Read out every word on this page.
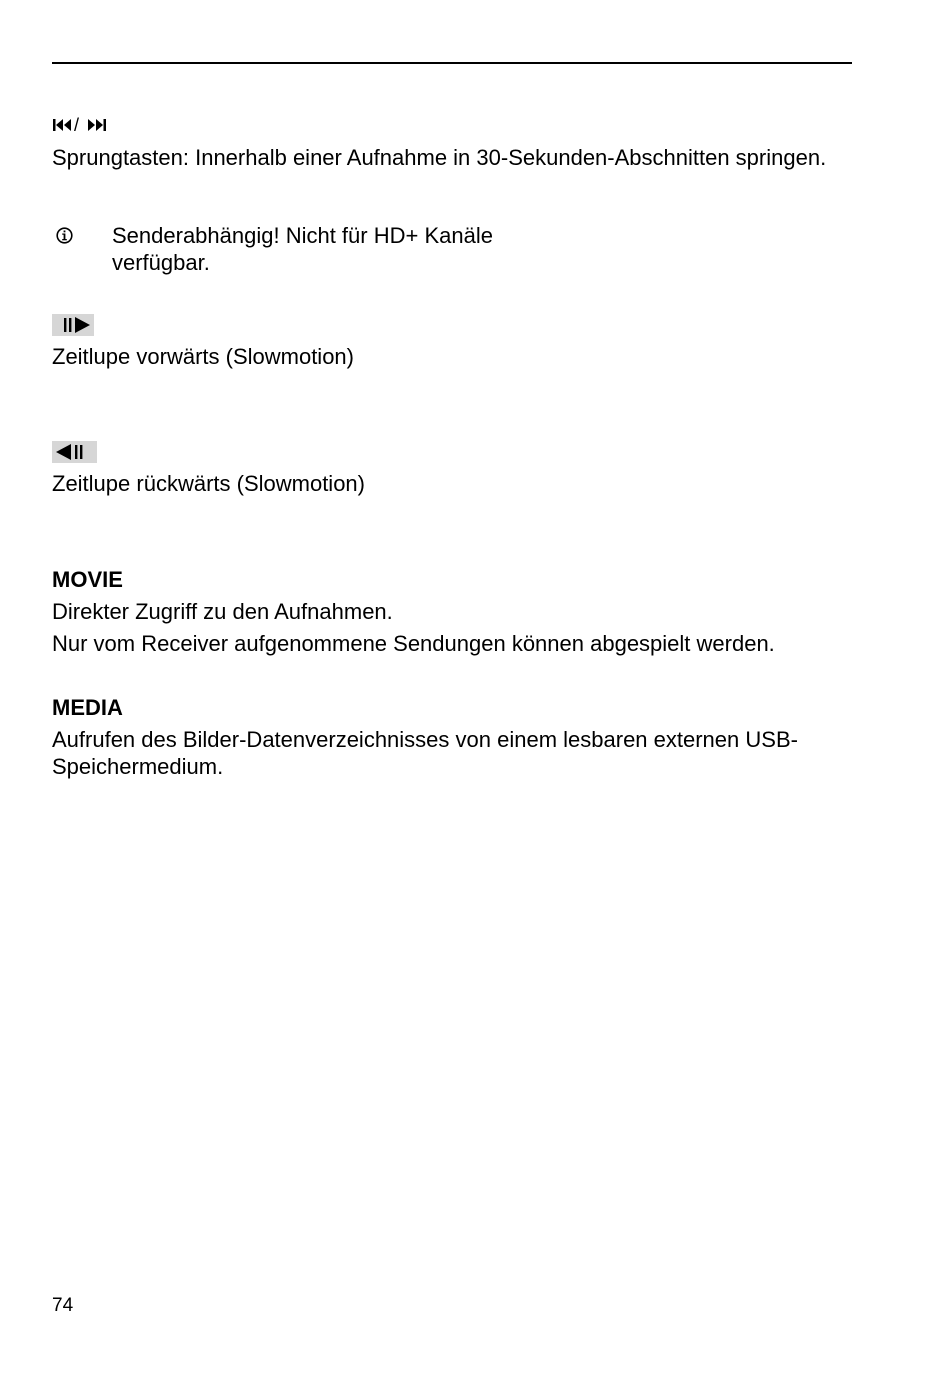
/
Sprungtasten: Innerhalb einer Aufnahme in 30-Sekunden-Abschnitten springen.
Senderabhängig! Nicht für HD+ Kanäle verfügbar.
Zeitlupe vorwärts (Slowmotion)
Zeitlupe rückwärts (Slowmotion)
MOVIE
Direkter Zugriff zu den Aufnahmen.
Nur vom Receiver aufgenommene Sendungen können abgespielt werden.
MEDIA
Aufrufen des Bilder-Datenverzeichnisses von einem lesbaren externen USB-Speichermedium.
74
